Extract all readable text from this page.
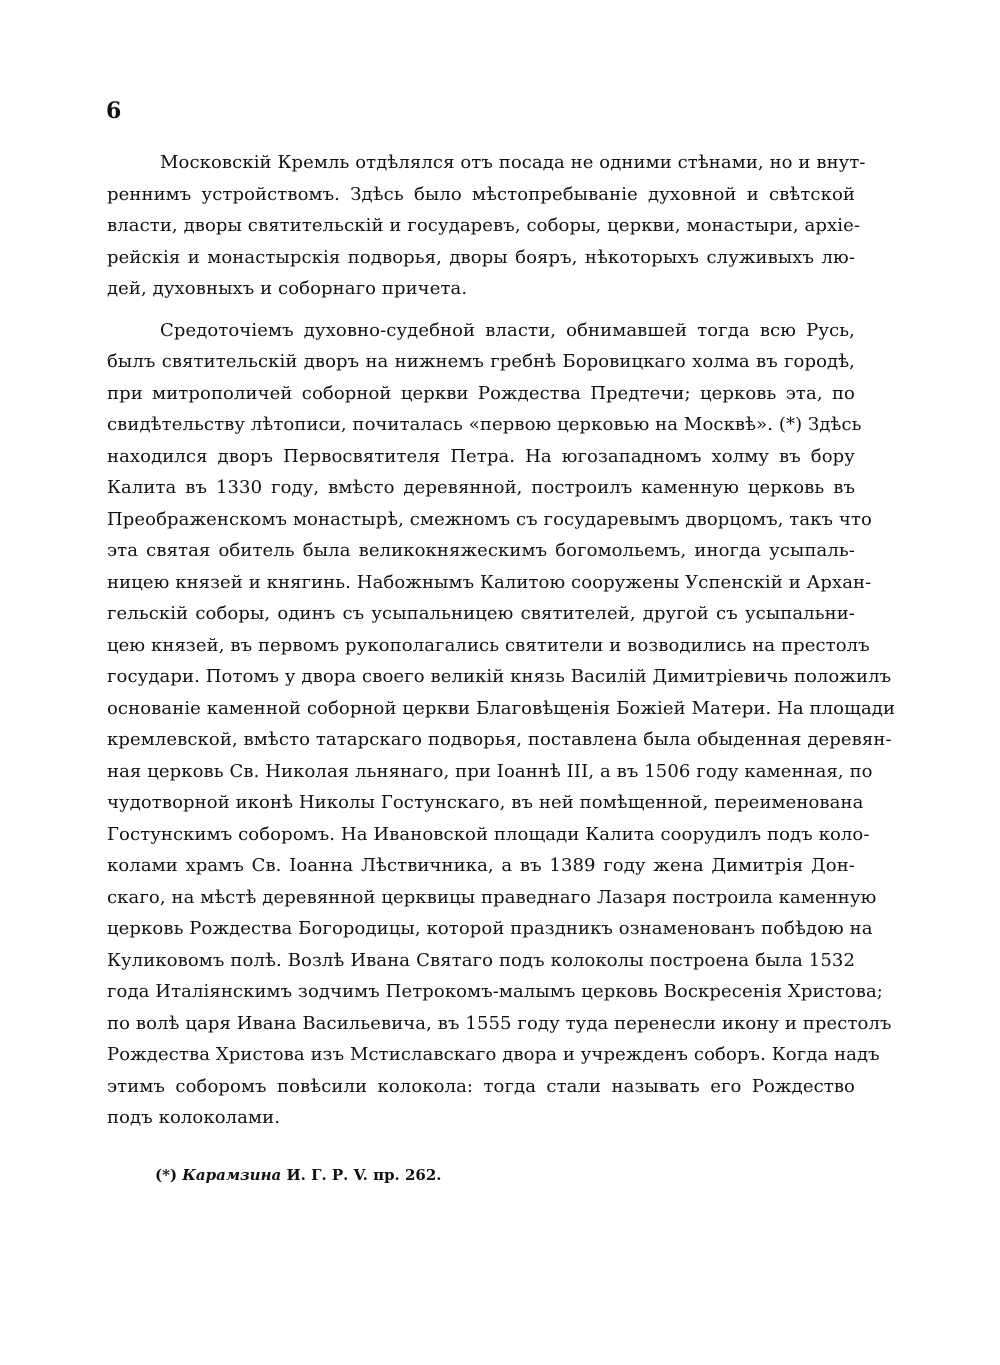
6
Московскій Кремль отдѣлялся отъ посада не одними стѣнами, но и внут-
реннимъ устройствомъ. Здѣсь было мѣстопребываніе духовной и свѣтской
власти, дворы святительскій и государевъ, соборы, церкви, монастыри, архіе-
рейскія и монастырскія подворья, дворы бояръ, нѣкоторыхъ служивыхъ лю-
дей, духовныхъ и соборнаго причета.
Средоточіемъ духовно-судебной власти, обнимавшей тогда всю Русь,
былъ святительскій дворъ на нижнемъ гребнѣ Боровицкаго холма въ городѣ,
при митрополичей соборной церкви Рождества Предтечи; церковь эта, по
свидѣтельству лѣтописи, почиталась «первою церковью на Москвѣ». (*) Здѣсь
находился дворъ Первосвятителя Петра. На югозападномъ холму въ бору
Калита въ 1330 году, вмѣсто деревянной, построилъ каменную церковь въ
Преображенскомъ монастырѣ, смежномъ съ государевымъ дворцомъ, такъ что
эта святая обитель была великокняжескимъ богомольемъ, иногда усыпаль-
ницею князей и княгинь. Набожнымъ Калитою сооружены Успенскій и Архан-
гельскій соборы, одинъ съ усыпальницею святителей, другой съ усыпальни-
цею князей, въ первомъ рукополагались святители и возводились на престолъ
государи. Потомъ у двора своего великій князь Василій Димитріевичь положилъ
основаніе каменной соборной церкви Благовѣщенія Божіей Матери. На площади
кремлевской, вмѣсто татарскаго подворья, поставлена была обыденная деревян-
ная церковь Св. Николая льнянаго, при Іоаннѣ III, а въ 1506 году каменная, по
чудотворной иконѣ Николы Гостунскаго, въ ней помѣщенной, переименована
Гостунскимъ соборомъ. На Ивановской площади Калита соорудилъ подъ коло-
колами храмъ Св. Іоанна Лѣствичника, а въ 1389 году жена Димитрія Дон-
скаго, на мѣстѣ деревянной церквицы праведнаго Лазаря построила каменную
церковь Рождества Богородицы, которой праздникъ ознаменованъ побѣдою на
Куликовомъ полѣ. Возлѣ Ивана Святаго подъ колоколы построена была 1532
года Италіянскимъ зодчимъ Петрокомъ-малымъ церковь Воскресенія Христова;
по волѣ царя Ивана Васильевича, въ 1555 году туда перенесли икону и престолъ
Рождества Христова изъ Мстиславскаго двора и учрежденъ соборъ. Когда надъ
этимъ соборомъ повѣсили колокола: тогда стали называть его Рождество
подъ колоколами.
(*) Карамзина И. Г. Р. V. пр. 262.
